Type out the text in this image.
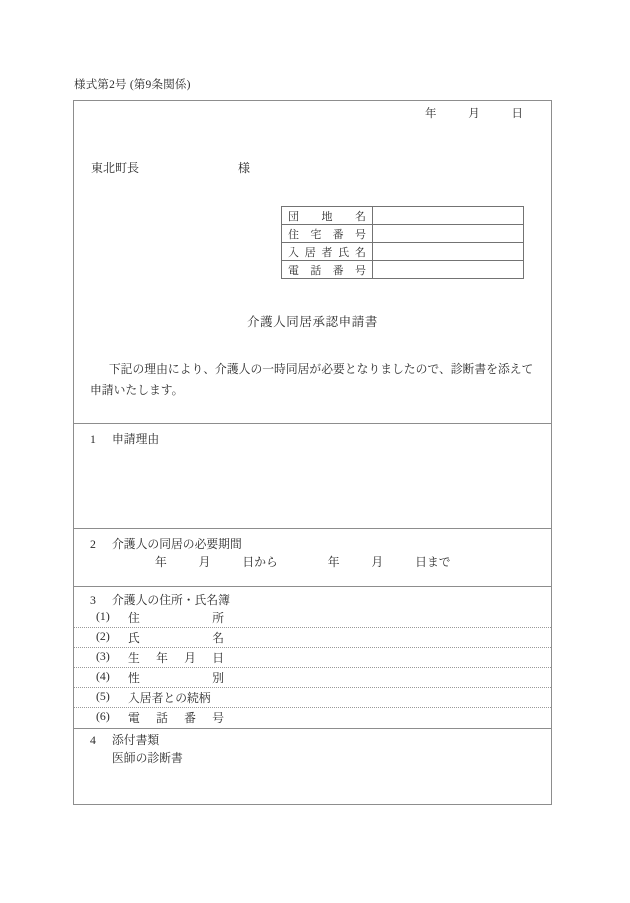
様式第2号 (第9条関係)
年	月	日
東北町長	様
団 地 名	

住 宅 番 号	

入 居 者 氏 名	

電 話 番 号	

介護人同居承認申請書
下記の理由により、介護人の一時同居が必要となりましたので、診断書を添えて　申請いたします。
1 申請理由
2 介護人の同居の必要期間
年	月	日から	年	月	日まで
3 介護人の住所・氏名簿
(1)	住	所
(2)	氏	名
(3)	生 年 月 日
(4)	性	別
(5)	入居者との続柄
(6)	電 話 番 号
4 添付書類
医師の診断書
